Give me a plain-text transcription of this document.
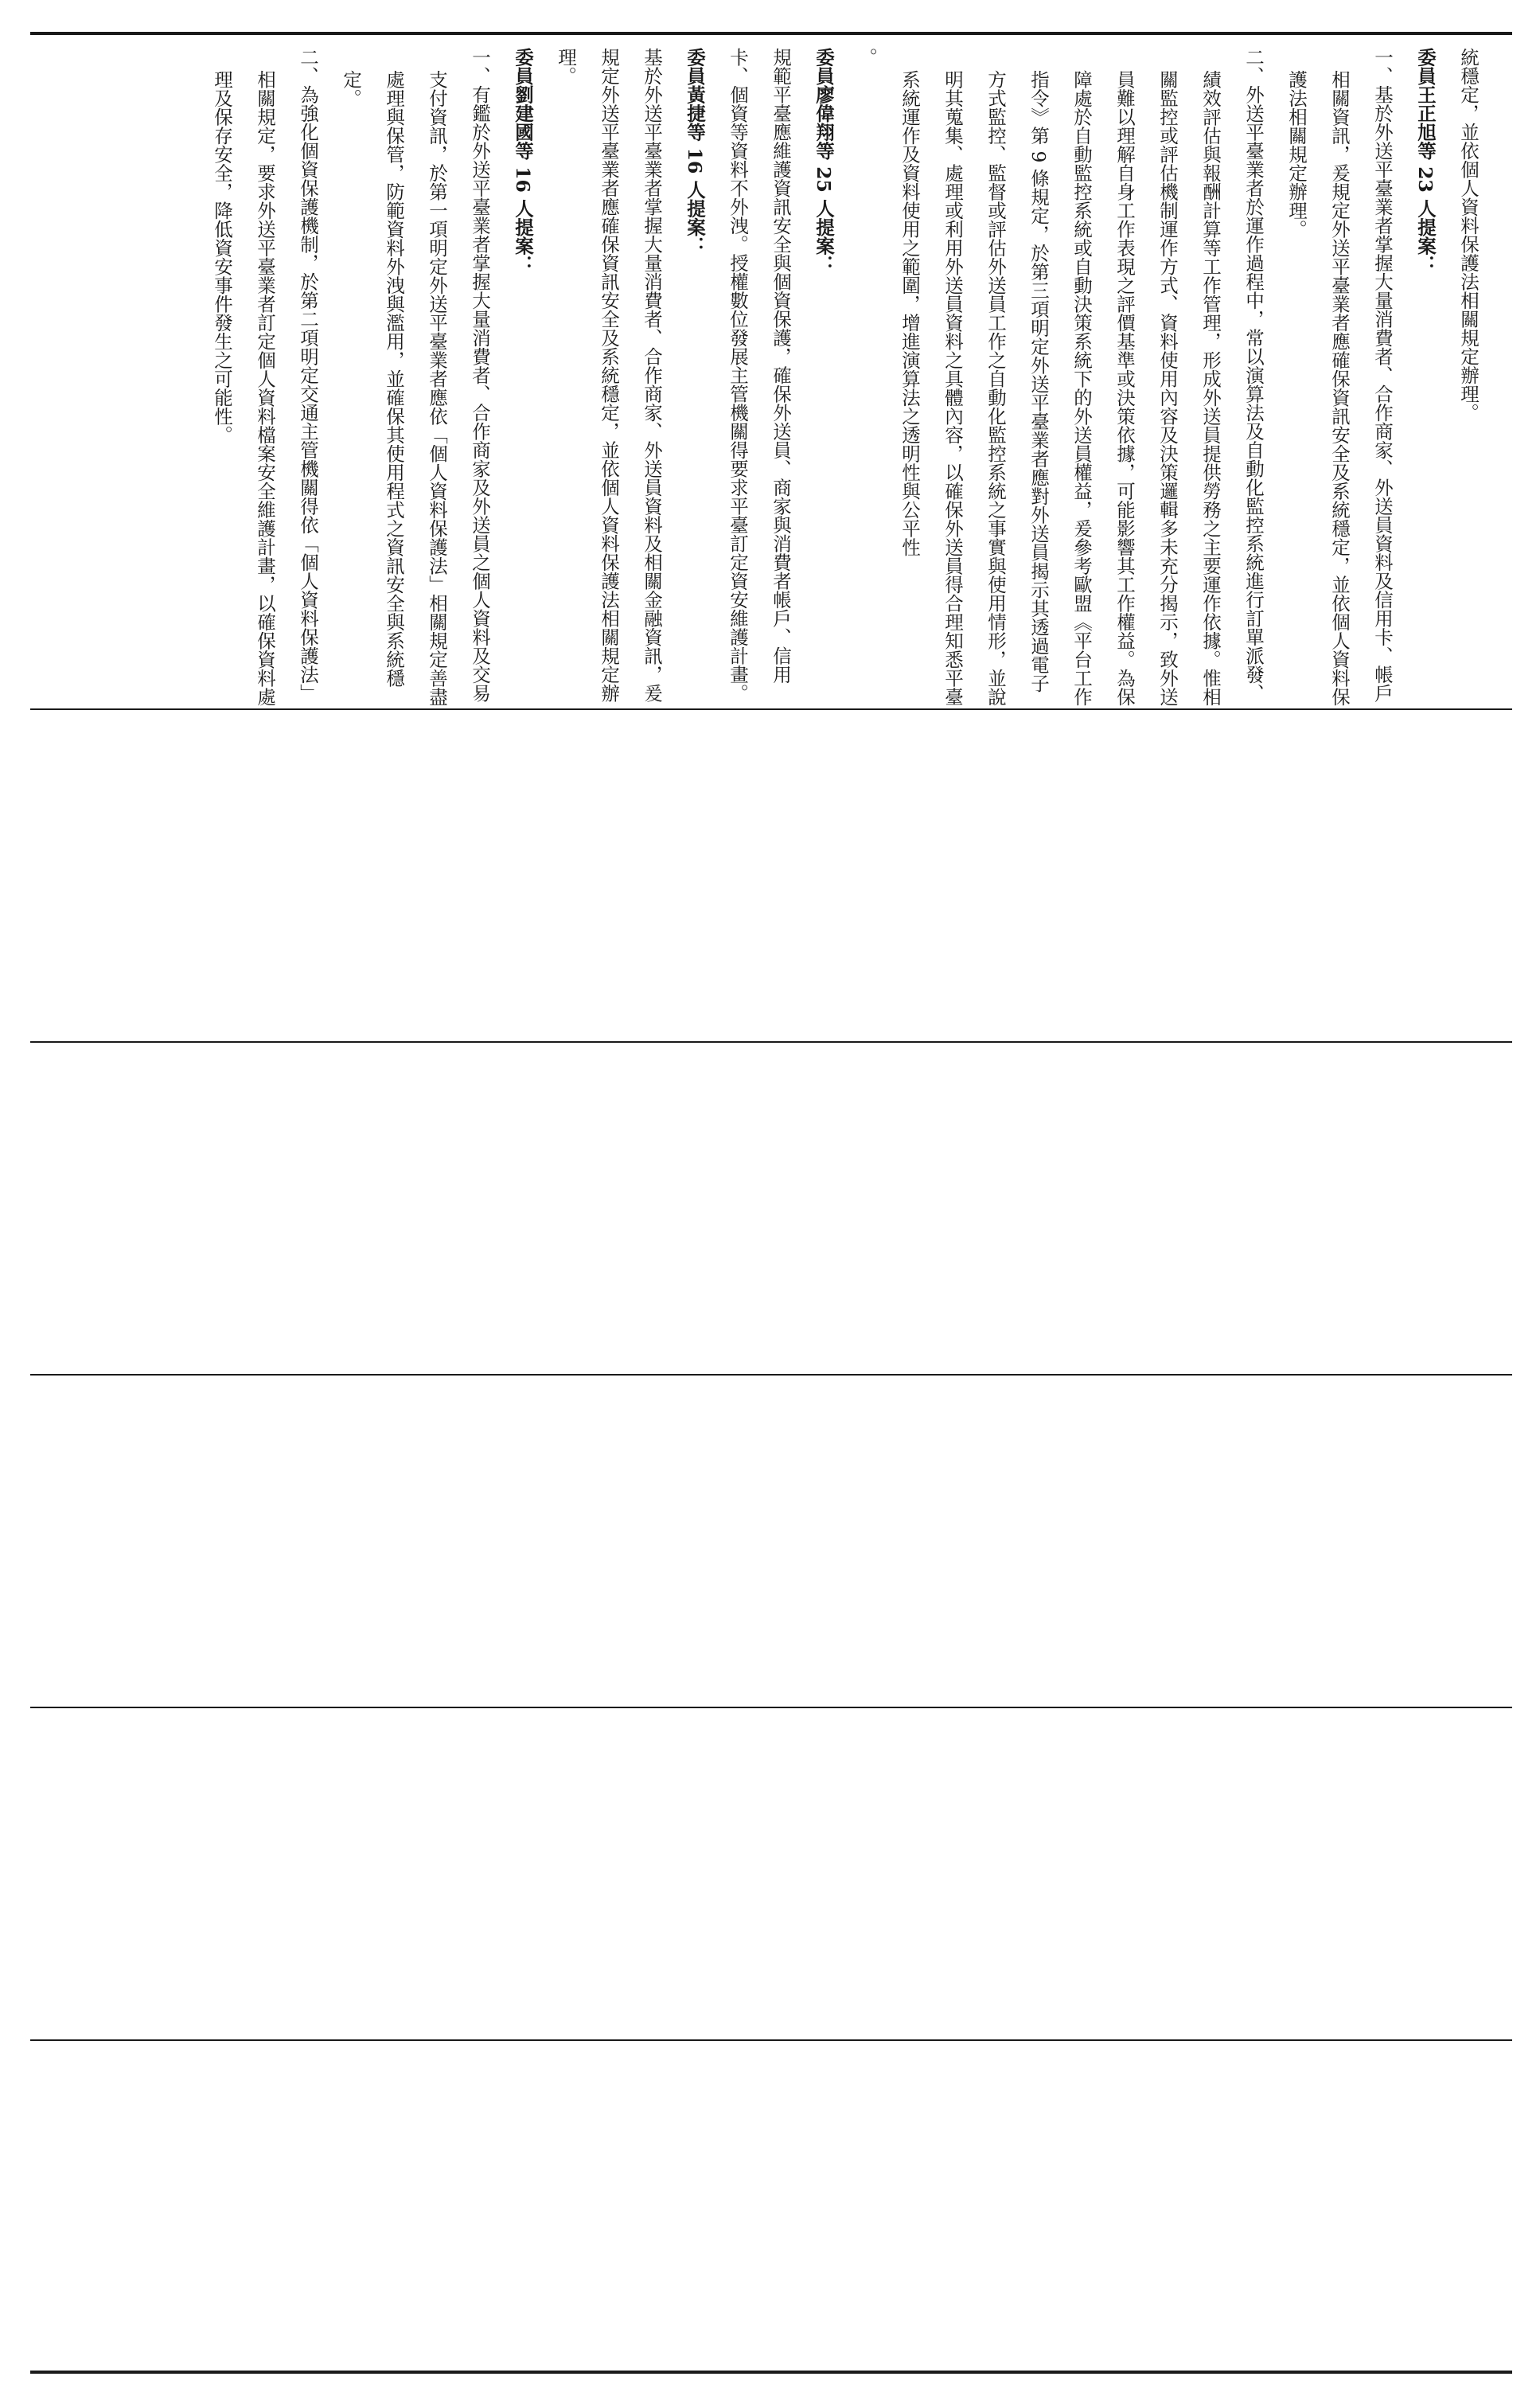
統穩定，並依個人資料保護法相關規定辦理。

委員王正旭等 23 人提案：

一、基於外送平臺業者掌握大量消費者、合作商家、外送員資料及信用卡、帳戶相關資訊，爰規定外送平臺業者應確保資訊安全及系統穩定，並依個人資料保護法相關規定辦理。

二、外送平臺業者於運作過程中，常以演算法及自動化監控系統進行訂單派發、績效評估與報酬計算等工作管理，形成外送員提供勞務之主要運作依據。惟相關監控或評估機制運作方式、資料使用內容及決策邏輯多未充分揭示，致外送員難以理解自身工作表現之評價基準或決策依據，可能影響其工作權益。為保障處於自動監控系統或自動決策系統下的外送員權益，爰參考歐盟《平台工作指令》第 9 條規定，於第三項明定外送平臺業者應對外送員揭示其透過電子方式監控、監督或評估外送員工作之自動化監控系統之事實與使用情形，並說明其蒐集、處理或利用外送員資料之具體內容，以確保外送員得合理知悉平臺系統運作及資料使用之範圍，增進演算法之透明性與公平性

。

委員廖偉翔等 25 人提案：

規範平臺應維護資訊安全與個資保護，確保外送員、商家與消費者帳戶、信用卡、個資等資料不外洩。授權數位發展主管機關得要求平臺訂定資安維護計畫。

委員黃捷等 16 人提案：

基於外送平臺業者掌握大量消費者、合作商家、外送員資料及相關金融資訊，爰規定外送平臺業者應確保資訊安全及系統穩定，並依個人資料保護法相關規定辦理。

委員劉建國等 16 人提案：

一、有鑑於外送平臺業者掌握大量消費者、合作商家及外送員之個人資料及交易支付資訊，於第一項明定外送平臺業者應依「個人資料保護法」相關規定善盡處理與保管，防範資料外洩與濫用，並確保其使用程式之資訊安全與系統穩定。

二、為強化個資保護機制，於第二項明定交通主管機關得依「個人資料保護法」相關規定，要求外送平臺業者訂定個人資料檔案安全維護計畫，以確保資料處理及保存安全，降低資安事件發生之可能性。
